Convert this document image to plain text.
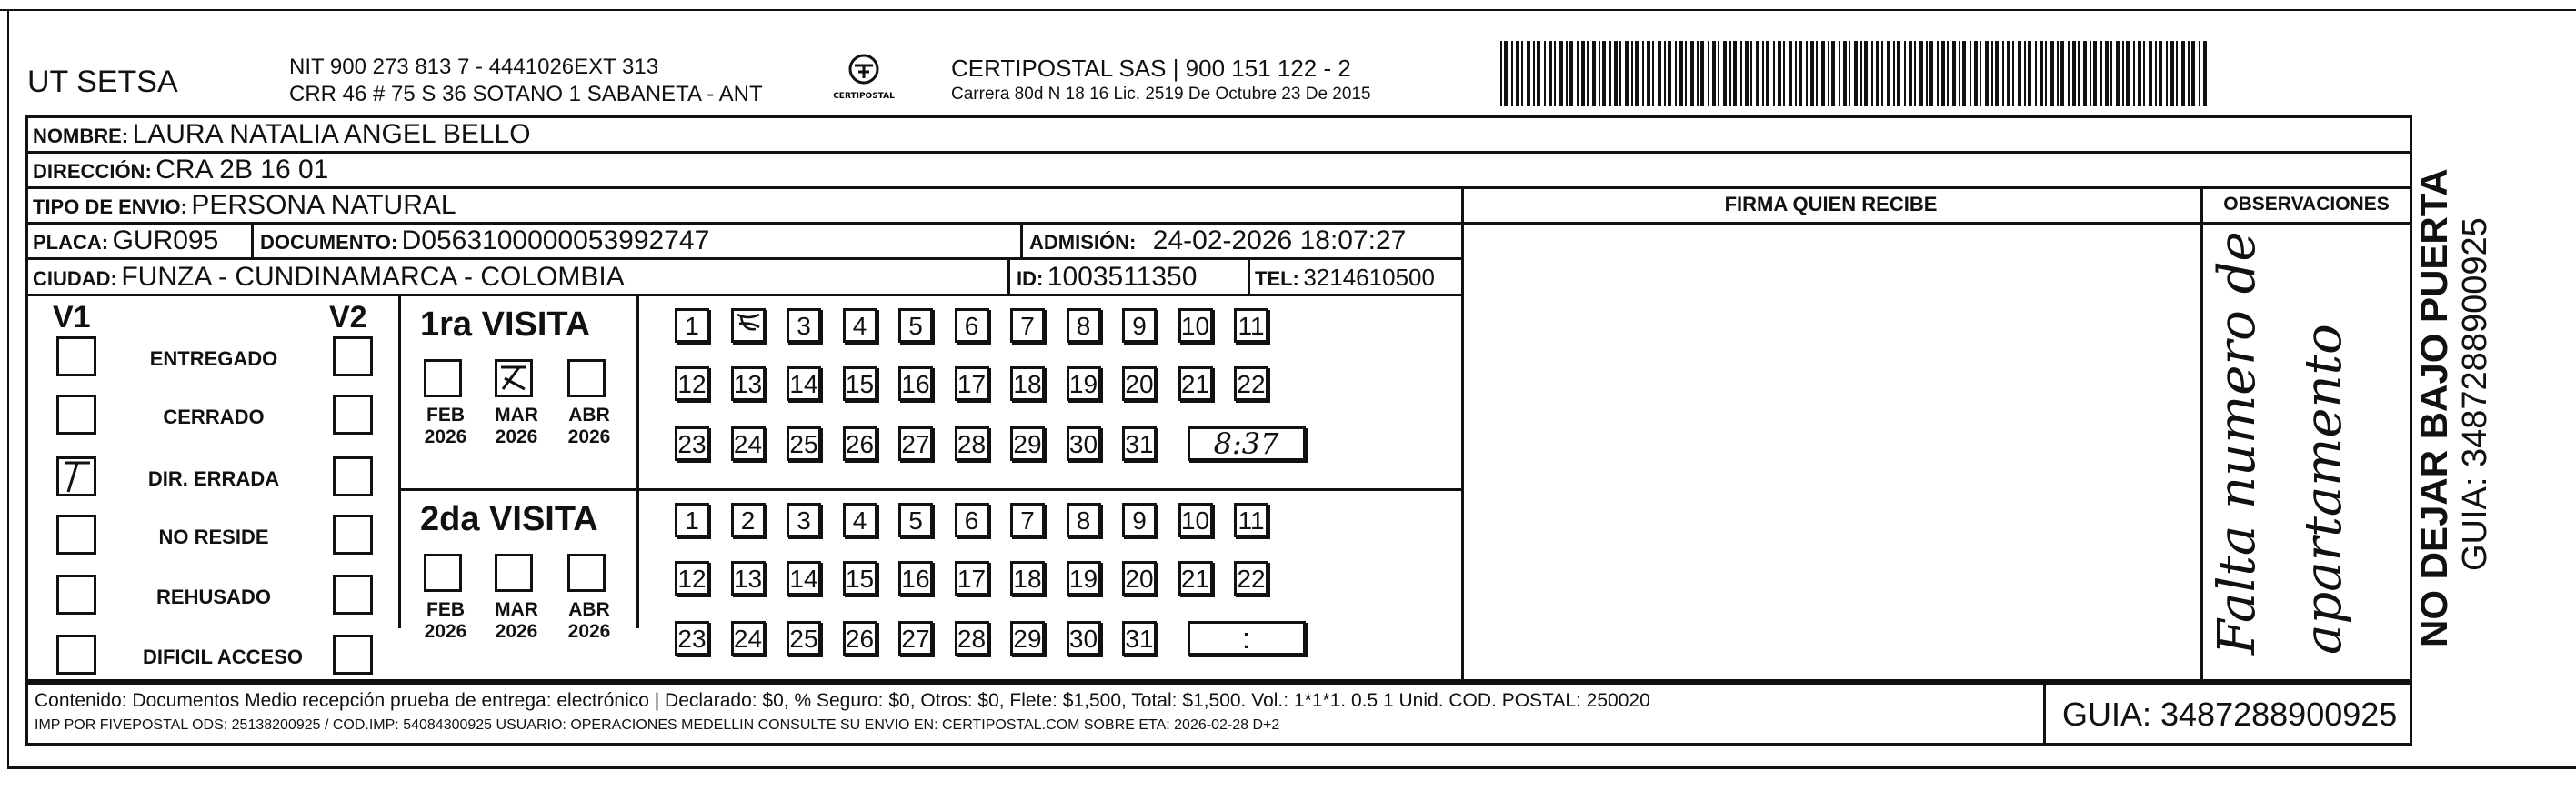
UT SETSA	NIT 900 273 813 7 - 4441026EXT 313
CRR 46 # 75 S 36 SOTANO 1 SABANETA - ANT	CERTIPOSTAL
CERTIPOSTAL SAS | 900 151 122 - 2
Carrera 80d N 18 16 Lic. 2519 De Octubre 23 De 2015
NOMBRE: LAURA NATALIA ANGEL BELLO
DIRECCIÓN: CRA 2B 16 01
TIPO DE ENVIO: PERSONA NATURAL
PLACA: GUR095 DOCUMENTO: D0563100000053992747	ADMISIÓN: 24-02-2026 18:07:27
CIUDAD: FUNZA - CUNDINAMARCA - COLOMBIA	ID: 1003511350	TEL: 3214610500
FIRMA QUIEN RECIBE	OBSERVACIONES
Falta numero de apartamento
V1	V2
ENTREGADO
CERRADO
DIR. ERRADA
NO RESIDE
REHUSADO
DIFICIL ACCESO
1ra VISITA
2da VISITA
FEB
2026
MAR
2026
ABR
2026
1	3	4	5	6	7	8	9	10 11
12 13 14 15 16 17 18 19 20 21 22
23 24 25 26 27 28 29 30 31	8:37
FEB
2026
MAR
2026
ABR
2026
1	2	3	4	5	6	7	8	9	10 11
12 13 14 15 16 17 18 19 20 21 22
23 24 25 26 27 28 29 30 31	:
Contenido: Documentos Medio recepción prueba de entrega: electrónico | Declarado: $0, % Seguro: $0, Otros: $0, Flete: $1,500, Total: $1,500. Vol.: 1*1*1. 0.5 1 Unid. COD. POSTAL: 250020
IMP POR FIVEPOSTAL ODS: 25138200925 / COD.IMP: 54084300925 USUARIO: OPERACIONES MEDELLIN CONSULTE SU ENVIO EN: CERTIPOSTAL.COM SOBRE ETA: 2026-02-28 D+2	GUIA: 3487288900925
NO DEJAR BAJO PUERTA GUIA: 3487288900925
